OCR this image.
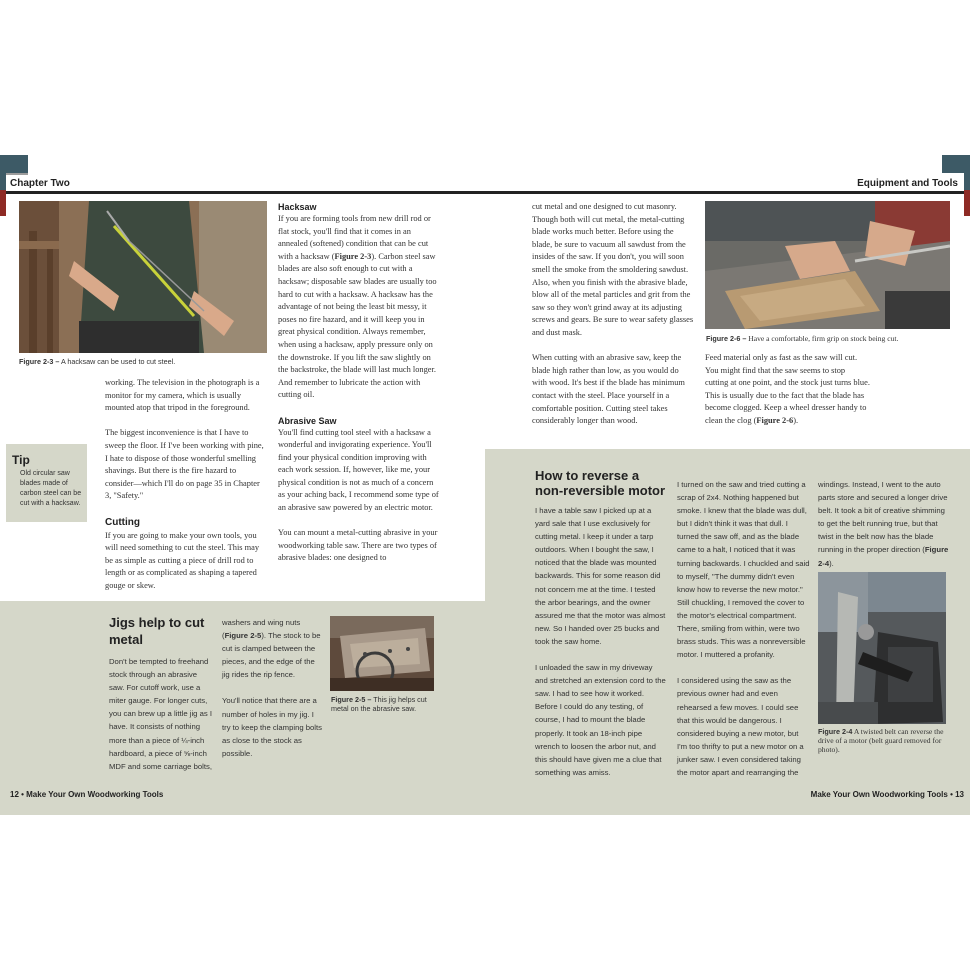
Chapter Two	Equipment and Tools
Figure 2-3 – A hacksaw can be used to cut steel.

working. The television in the photograph is a monitor for my camera, which is usually mounted atop that tripod in the foreground.

The biggest inconvenience is that I have to sweep the floor. If I've been working with pine, I hate to dispose of those wonderful smelling shavings. But there is the fire hazard to consider—which I'll do on page 35 in Chapter 3, "Safety."

Cutting

If you are going to make your own tools, you will need something to cut the steel. This may be as simple as cutting a piece of drill rod to length or as complicated as shaping a tapered gouge or skew.

Tip
Old circular saw blades made of carbon steel can be cut with a hacksaw.
Hacksaw

If you are forming tools from new drill rod or flat stock, you'll find that it comes in an annealed (softened) condition that can be cut with a hacksaw (Figure 2-3). Carbon steel saw blades are also soft enough to cut with a hacksaw; disposable saw blades are usually too hard to cut with a hacksaw. A hacksaw has the advantage of not being the least bit messy, it poses no fire hazard, and it will keep you in great physical condition. Always remember, when using a hacksaw, apply pressure only on the downstroke. If you lift the saw slightly on the backstroke, the blade will last much longer. And remember to lubricate the action with cutting oil.

Abrasive Saw

You'll find cutting tool steel with a hacksaw a wonderful and invigorating experience. You'll find your physical condition improving with each work session. If, however, like me, your physical condition is not as much of a concern as your aching back, I recommend some type of an abrasive saw powered by an electric motor.

You can mount a metal-cutting abrasive in your woodworking table saw. There are two types of abrasive blades: one designed to

cut metal and one designed to cut masonry. Though both will cut metal, the metal-cutting blade works much better. Before using the blade, be sure to vacuum all sawdust from the insides of the saw. If you don't, you will soon smell the smoke from the smoldering sawdust. Also, when you finish with the abrasive blade, blow all of the metal particles and grit from the saw so they won't grind away at its adjusting screws and gears. Be sure to wear safety glasses and dust mask.

When cutting with an abrasive saw, keep the blade high rather than low, as you would do with wood. It's best if the blade has minimum contact with the steel. Place yourself in a comfortable position. Cutting steel takes considerably longer than wood.

Figure 2-6 – Have a comfortable, firm grip on stock being cut.

Feed material only as fast as the saw will cut. You might find that the saw seems to stop cutting at one point, and the stock just turns blue. This is usually due to the fact that the blade has become clogged. Keep a wheel dresser handy to clean the clog (Figure 2-6).

Jigs help to cut metal
Don't be tempted to freehand stock through an abrasive saw. For cutoff work, use a miter gauge. For longer cuts, you can brew up a little jig as I have. It consists of nothing more than a piece of ¼-inch hardboard, a piece of ⅝-inch MDF and some carriage bolts,

washers and wing nuts (Figure 2-5). The stock to be cut is clamped between the pieces, and the edge of the jig rides the rip fence.

You'll notice that there are a number of holes in my jig. I try to keep the clamping bolts as close to the stock as possible.

Figure 2-5 – This jig helps cut metal on the abrasive saw.
How to reverse a non-reversible motor

I have a table saw I picked up at a yard sale that I use exclusively for cutting metal. I keep it under a tarp outdoors. When I bought the saw, I noticed that the blade was mounted backwards. This for some reason did not concern me at the time. I tested the arbor bearings, and the owner assured me that the motor was almost new. So I handed over 25 bucks and took the saw home.

I unloaded the saw in my driveway and stretched an extension cord to the saw. I had to see how it worked. Before I could do any testing, of course, I had to mount the blade properly. It took an 18-inch pipe wrench to loosen the arbor nut, and this should have given me a clue that something was amiss.

I turned on the saw and tried cutting a scrap of 2x4. Nothing happened but smoke. I knew that the blade was dull, but I didn't think it was that dull. I turned the saw off, and as the blade came to a halt, I noticed that it was turning backwards. I chuckled and said to myself, "The dummy didn't even know how to reverse the new motor." Still chuckling, I removed the cover to the motor's electrical compartment. There, smiling from within, were two brass studs. This was a nonreversible motor. I muttered a profanity.

I considered using the saw as the previous owner had and even rehearsed a few moves. I could see that this would be dangerous. I considered buying a new motor, but I'm too thrifty to put a new motor on a junker saw. I even considered taking the motor apart and rearranging the

windings. Instead, I went to the auto parts store and secured a longer drive belt. It took a bit of creative shimming to get the belt running true, but that twist in the belt now has the blade running in the proper direction (Figure 2-4).

Figure 2-4 A twisted belt can reverse the drive of a motor (belt guard removed for photo).
12 • Make Your Own Woodworking Tools	Make Your Own Woodworking Tools • 13
